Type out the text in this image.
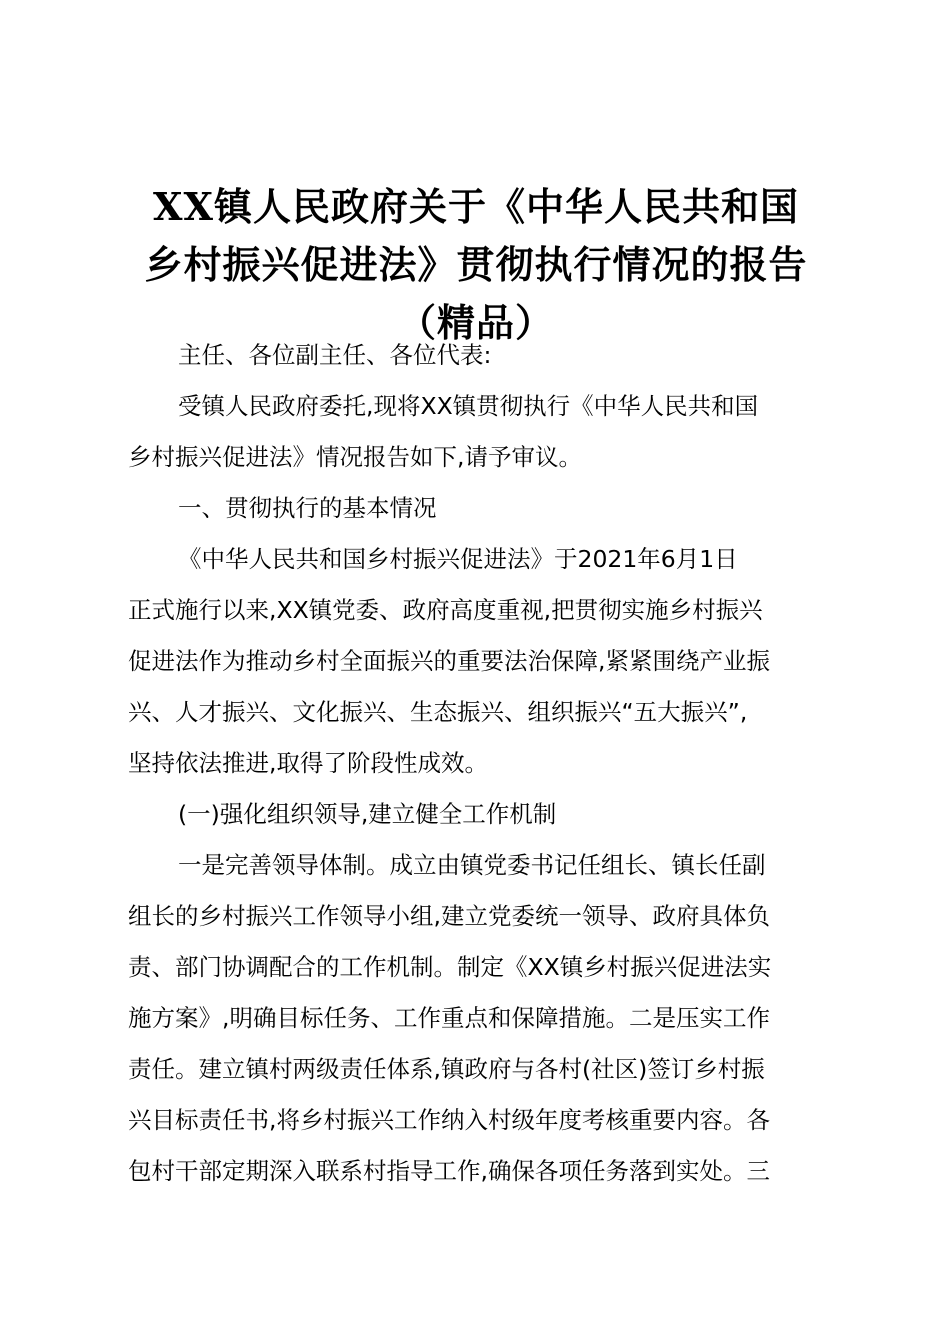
XX镇人民政府关于《中华人民共和国
乡村振兴促进法》贯彻执行情况的报告
（精品）
主任、各位副主任、各位代表:
受镇人民政府委托,现将XX镇贯彻执行《中华人民共和国
乡村振兴促进法》情况报告如下,请予审议。
一、贯彻执行的基本情况
《中华人民共和国乡村振兴促进法》于2021年6月1日
正式施行以来,XX镇党委、政府高度重视,把贯彻实施乡村振兴
促进法作为推动乡村全面振兴的重要法治保障,紧紧围绕产业振
兴、人才振兴、文化振兴、生态振兴、组织振兴“五大振兴”,
坚持依法推进,取得了阶段性成效。
(一)强化组织领导,建立健全工作机制
一是完善领导体制。成立由镇党委书记任组长、镇长任副
组长的乡村振兴工作领导小组,建立党委统一领导、政府具体负
责、部门协调配合的工作机制。制定《XX镇乡村振兴促进法实
施方案》,明确目标任务、工作重点和保障措施。二是压实工作
责任。建立镇村两级责任体系,镇政府与各村(社区)签订乡村振
兴目标责任书,将乡村振兴工作纳入村级年度考核重要内容。各
包村干部定期深入联系村指导工作,确保各项任务落到实处。三
